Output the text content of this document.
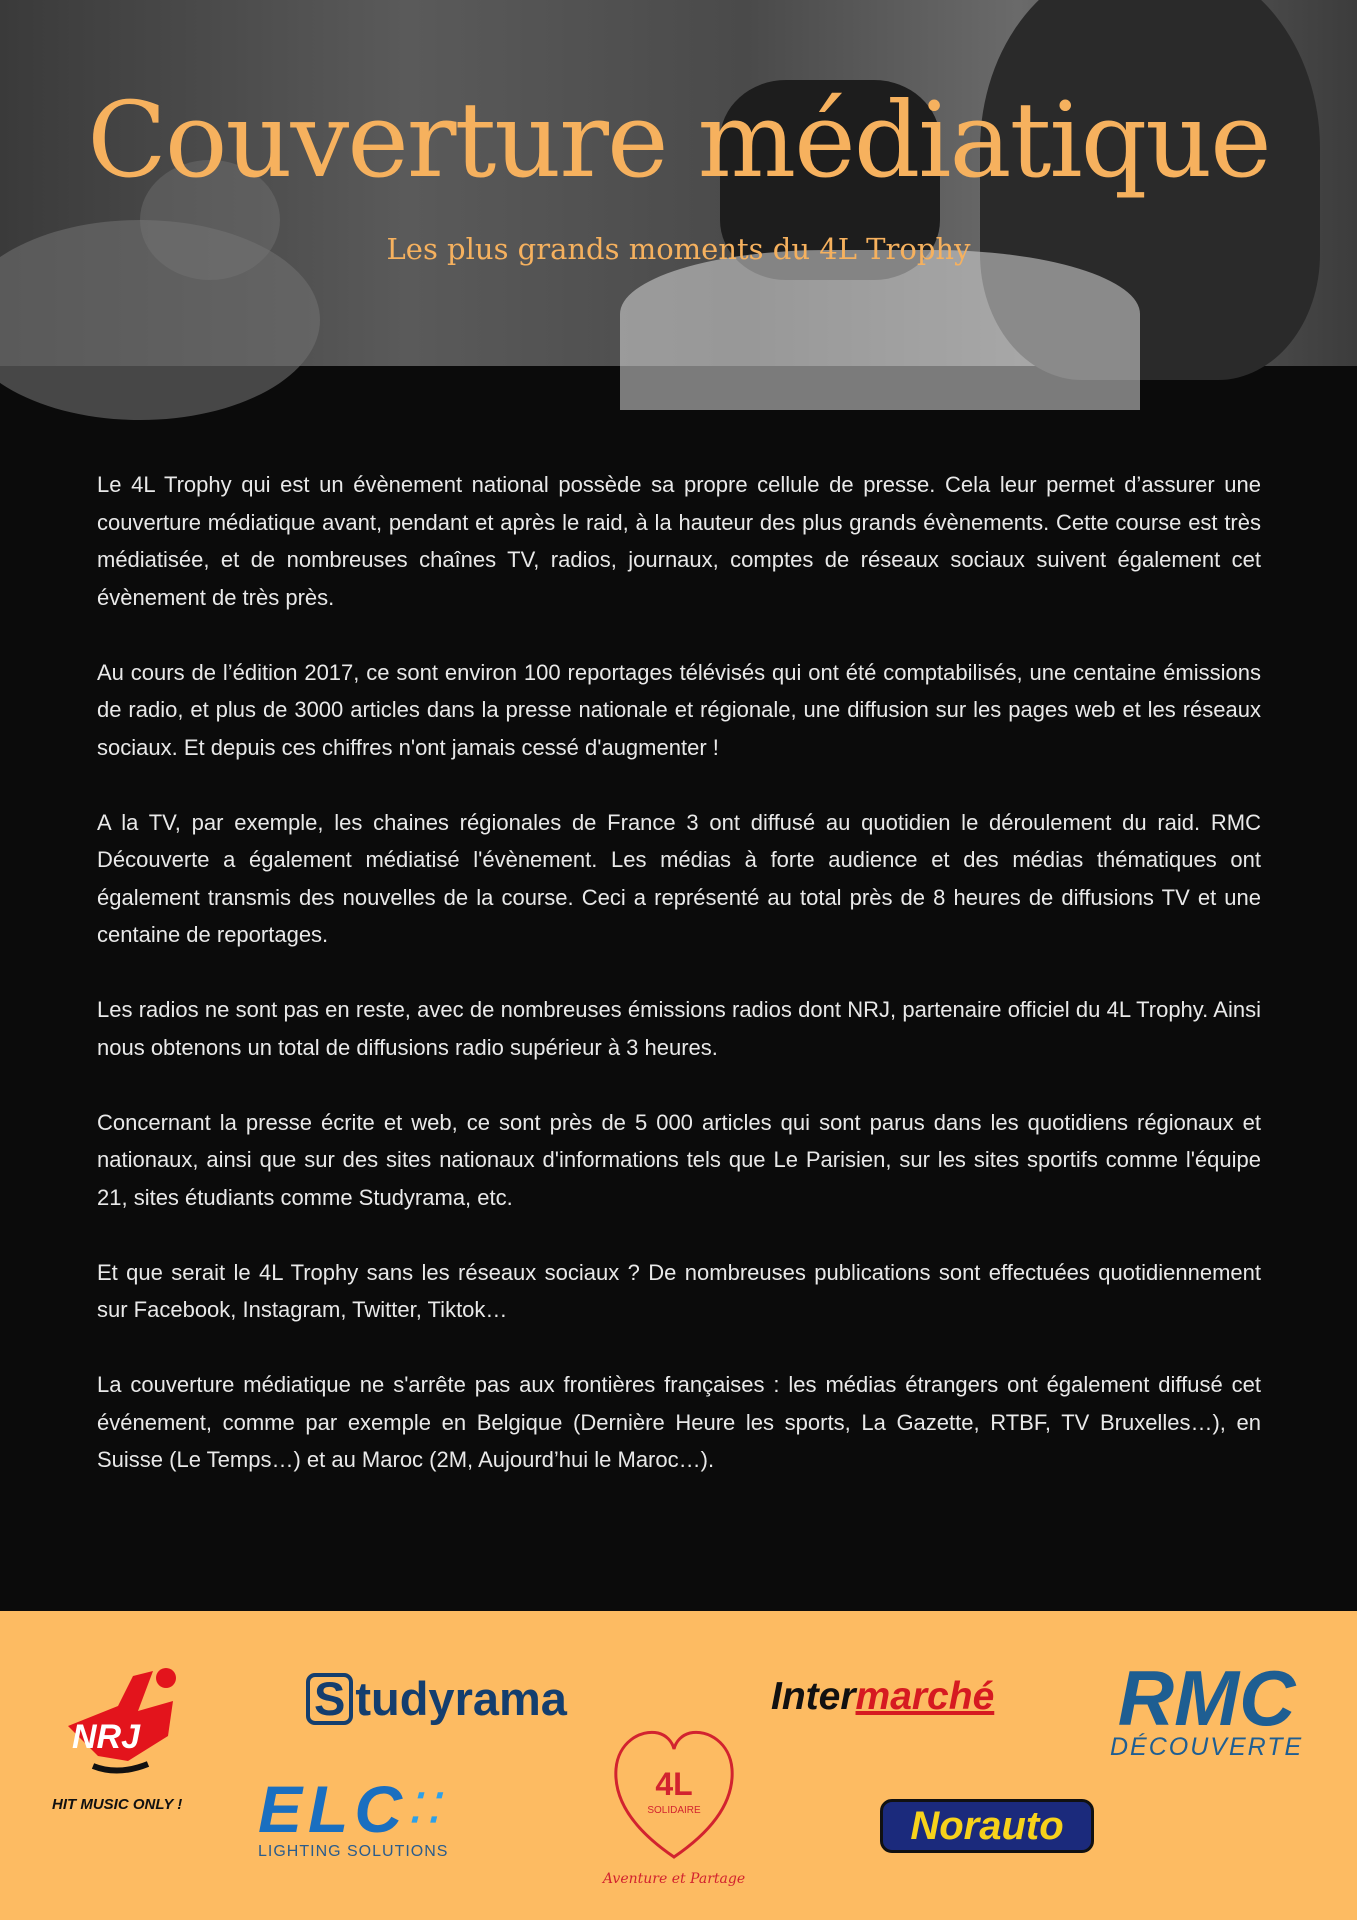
Couverture médiatique
Les plus grands moments du 4L Trophy

Le 4L Trophy qui est un évènement national possède sa propre cellule de presse. Cela leur permet d’assurer une couverture médiatique avant, pendant et après le raid, à la hauteur des plus grands évènements. Cette course est très médiatisée, et de nombreuses chaînes TV, radios, journaux, comptes de réseaux sociaux suivent également cet évènement de très près.

Au cours de l’édition 2017, ce sont environ 100 reportages télévisés qui ont été comptabilisés, une centaine émissions de radio, et plus de 3000 articles dans la presse nationale et régionale, une diffusion sur les pages web et les réseaux sociaux. Et depuis ces chiffres n'ont jamais cessé d'augmenter !

A la TV, par exemple, les chaines régionales de France 3 ont diffusé au quotidien le déroulement du raid. RMC Découverte a également médiatisé l'évènement. Les médias à forte audience et des médias thématiques ont également transmis des nouvelles de la course. Ceci a représenté au total près de 8 heures de diffusions TV et une centaine de reportages.

Les radios ne sont pas en reste, avec de nombreuses émissions radios dont NRJ, partenaire officiel du 4L Trophy. Ainsi nous obtenons un total de diffusions radio supérieur à 3 heures.

Concernant la presse écrite et web, ce sont près de 5 000 articles qui sont parus dans les quotidiens régionaux et nationaux, ainsi que sur des sites nationaux d'informations tels que Le Parisien, sur les sites sportifs comme l'équipe 21, sites étudiants comme Studyrama, etc.

Et que serait le 4L Trophy sans les réseaux sociaux ? De nombreuses publications sont effectuées quotidiennement sur Facebook, Instagram, Twitter, Tiktok…

La couverture médiatique ne s'arrête pas aux frontières françaises : les médias étrangers ont également diffusé cet événement, comme par exemple en Belgique (Dernière Heure les sports, La Gazette, RTBF, TV Bruxelles…), en Suisse (Le Temps…) et au Maroc (2M, Aujourd’hui le Maroc…).

NRJ
HIT MUSIC ONLY !
S tudyrama	Intermarché RMC
DÉCOUVERTE
ELC⁚⁚
LIGHTING SOLUTIONS
4L
SOLIDAIRE
Aventure et Partage
Norauto
